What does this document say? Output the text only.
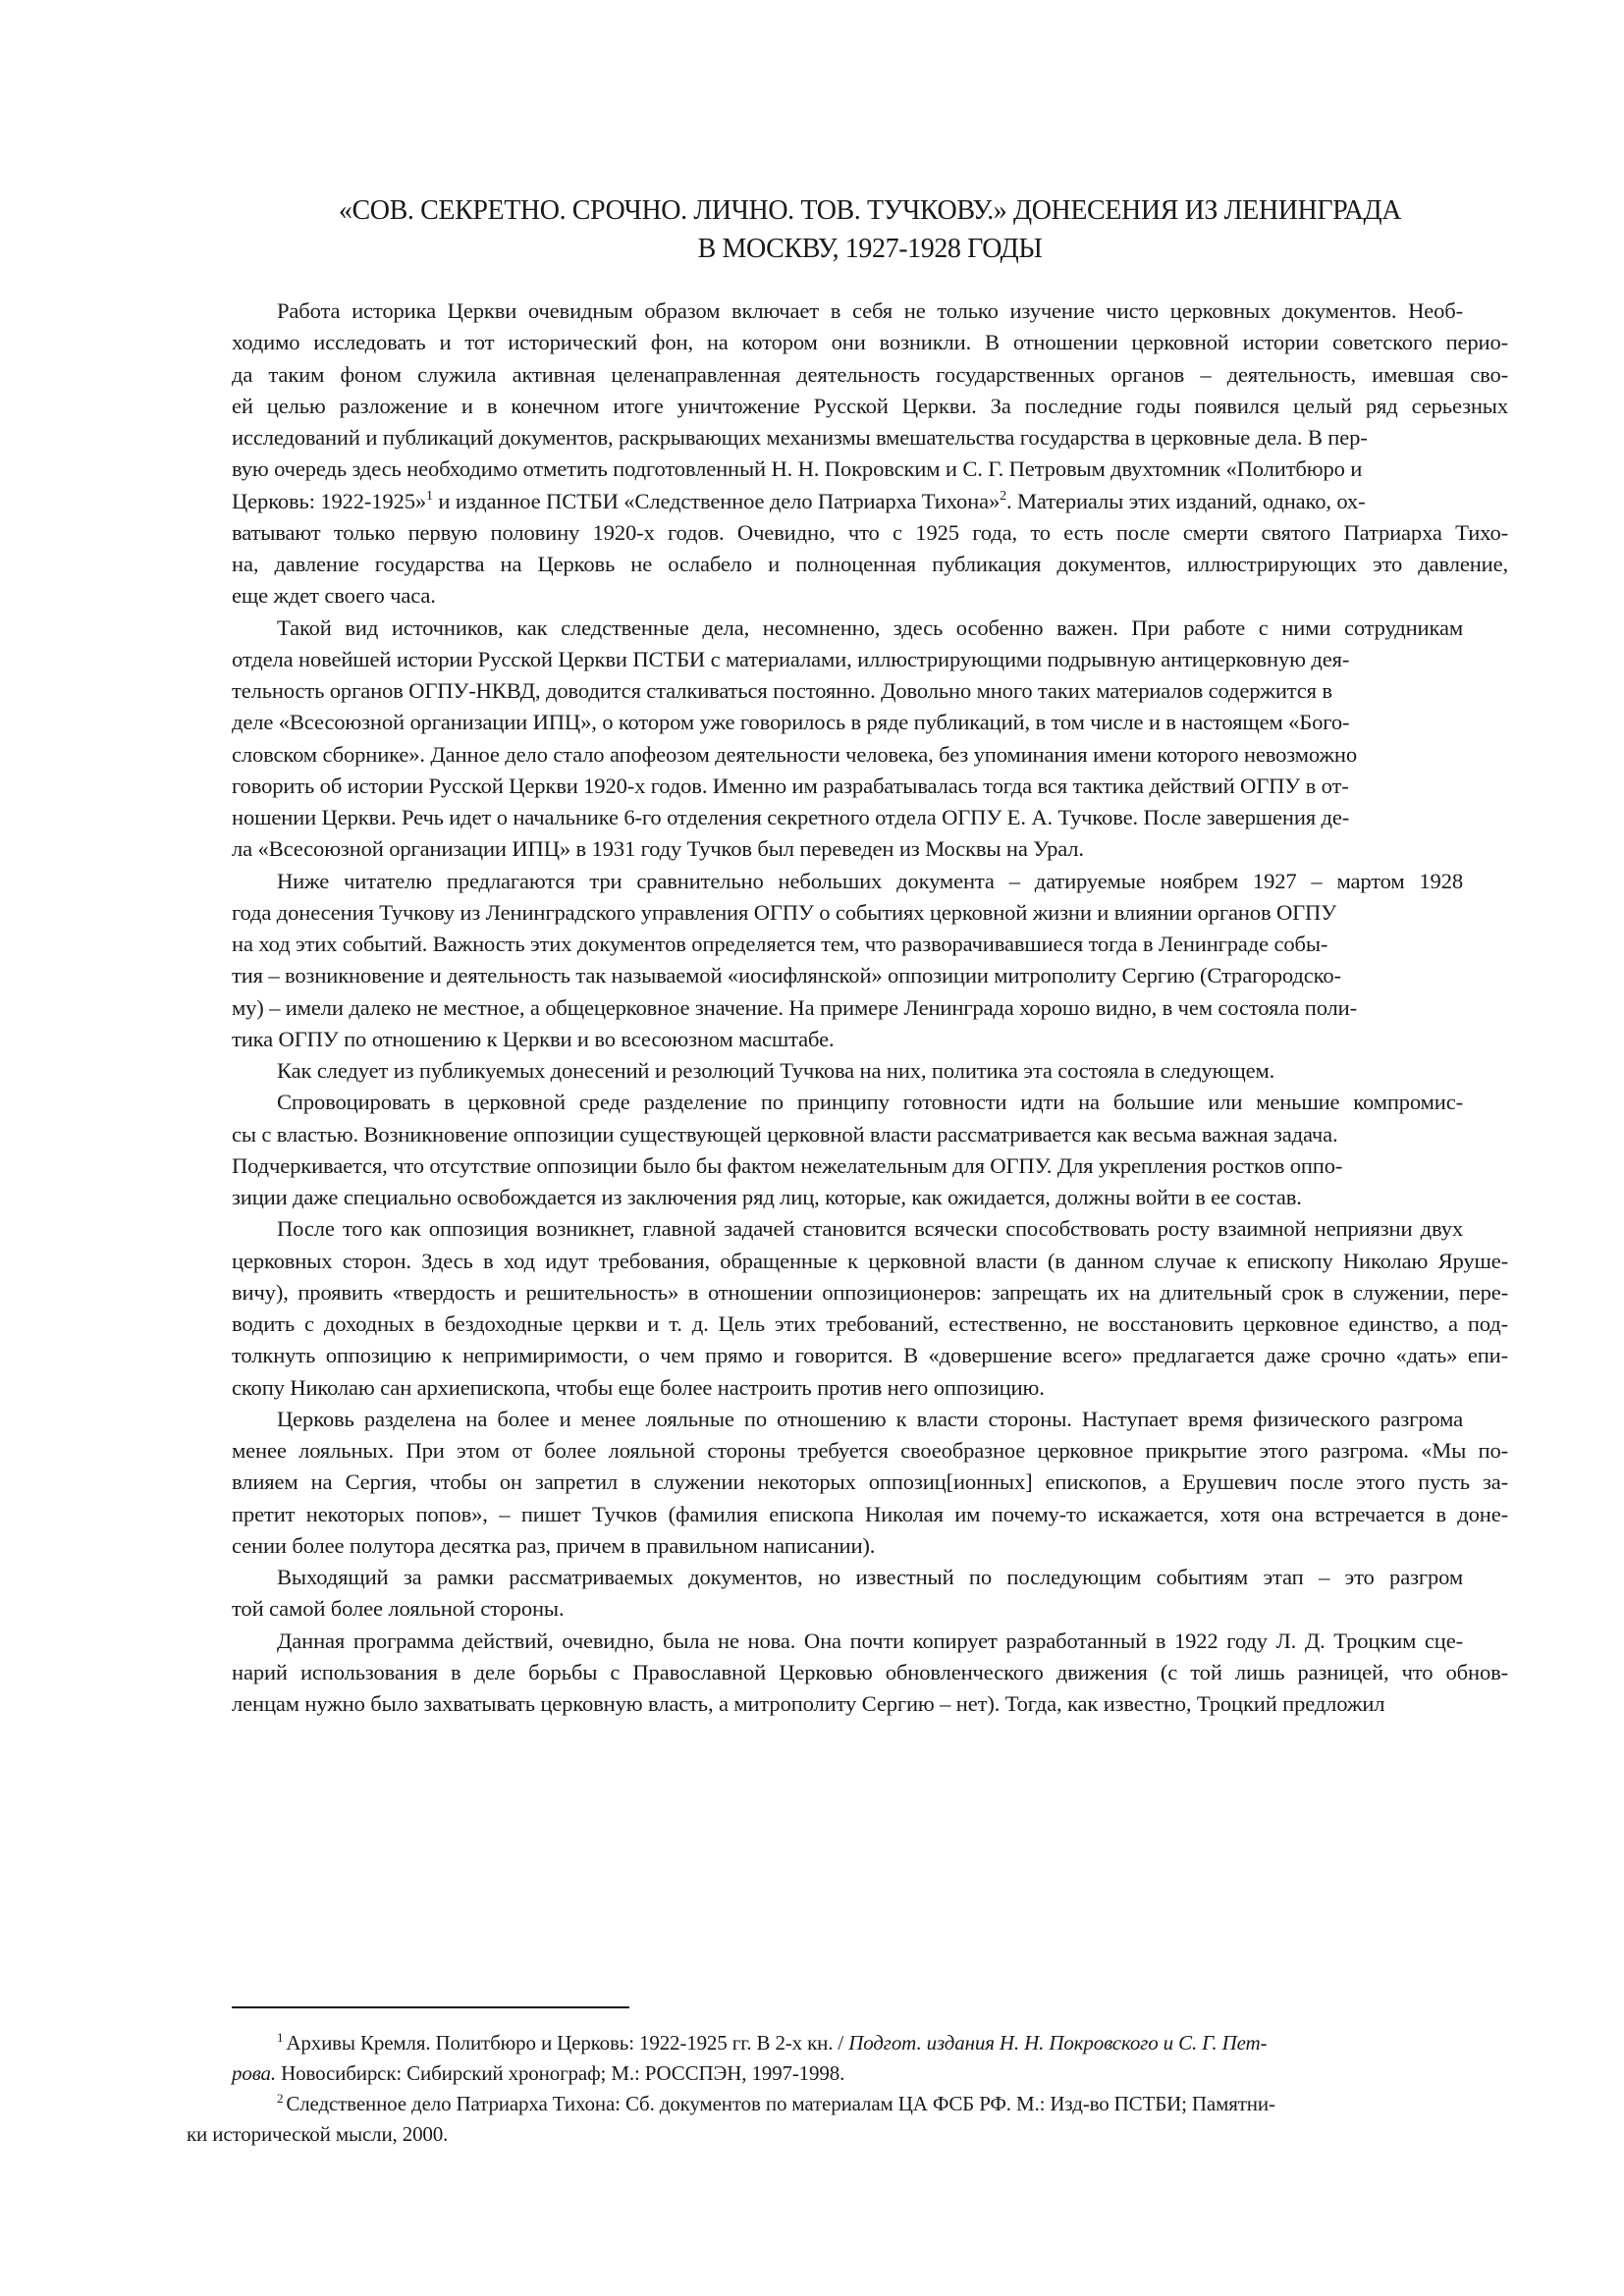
«СОВ. СЕКРЕТНО. СРОЧНО. ЛИЧНО. ТОВ. ТУЧКОВУ.» ДОНЕСЕНИЯ ИЗ ЛЕНИНГРАДА
В МОСКВУ, 1927-1928 ГОДЫ

Работа историка Церкви очевидным образом включает в себя не только изучение чисто церковных документов. Необ-
ходимо исследовать и тот исторический фон, на котором они возникли. В отношении церковной истории советского перио-
да таким фоном служила активная целенаправленная деятельность государственных органов – деятельность, имевшая сво-
ей целью разложение и в конечном итоге уничтожение Русской Церкви. За последние годы появился целый ряд серьезных
исследований и публикаций документов, раскрывающих механизмы вмешательства государства в церковные дела. В пер-
вую очередь здесь необходимо отметить подготовленный Н. Н. Покровским и С. Г. Петровым двухтомник «Политбюро и
Церковь: 1922-1925»$^1$ и изданное ПСТБИ «Следственное дело Патриарха Тихона»$^2$. Материалы этих изданий, однако, ох-
ватывают только первую половину 1920-х годов. Очевидно, что с 1925 года, то есть после смерти святого Патриарха Тихо-
на, давление государства на Церковь не ослабело и полноценная публикация документов, иллюстрирующих это давление,
еще ждет своего часа.

Такой вид источников, как следственные дела, несомненно, здесь особенно важен. При работе с ними сотрудникам
отдела новейшей истории Русской Церкви ПСТБИ с материалами, иллюстрирующими подрывную антицерковную дея-
тельность органов ОГПУ-НКВД, доводится сталкиваться постоянно. Довольно много таких материалов содержится в
деле «Всесоюзной организации ИПЦ», о котором уже говорилось в ряде публикаций, в том числе и в настоящем «Бого-
словском сборнике». Данное дело стало апофеозом деятельности человека, без упоминания имени которого невозможно
говорить об истории Русской Церкви 1920-х годов. Именно им разрабатывалась тогда вся тактика действий ОГПУ в от-
ношении Церкви. Речь идет о начальнике 6-го отделения секретного отдела ОГПУ Е. А. Тучкове. После завершения де-
ла «Всесоюзной организации ИПЦ» в 1931 году Тучков был переведен из Москвы на Урал.

Ниже читателю предлагаются три сравнительно небольших документа – датируемые ноябрем 1927 – мартом 1928
года донесения Тучкову из Ленинградского управления ОГПУ о событиях церковной жизни и влиянии органов ОГПУ
на ход этих событий. Важность этих документов определяется тем, что разворачивавшиеся тогда в Ленинграде собы-
тия – возникновение и деятельность так называемой «иосифлянской» оппозиции митрополиту Сергию (Страгородско-
му) – имели далеко не местное, а общецерковное значение. На примере Ленинграда хорошо видно, в чем состояла поли-
тика ОГПУ по отношению к Церкви и во всесоюзном масштабе.

Как следует из публикуемых донесений и резолюций Тучкова на них, политика эта состояла в следующем.

Спровоцировать в церковной среде разделение по принципу готовности идти на большие или меньшие компромис-
сы с властью. Возникновение оппозиции существующей церковной власти рассматривается как весьма важная задача.
Подчеркивается, что отсутствие оппозиции было бы фактом нежелательным для ОГПУ. Для укрепления ростков оппо-
зиции даже специально освобождается из заключения ряд лиц, которые, как ожидается, должны войти в ее состав.

После того как оппозиция возникнет, главной задачей становится всячески способствовать росту взаимной неприязни двух
церковных сторон. Здесь в ход идут требования, обращенные к церковной власти (в данном случае к епископу Николаю Ярушe-
вичу), проявить «твердость и решительность» в отношении оппозиционеров: запрещать их на длительный срок в служении, пере-
водить с доходных в бездоходные церкви и т. д. Цель этих требований, естественно, не восстановить церковное единство, а под-
толкнуть оппозицию к непримиримости, о чем прямо и говорится. В «довершение всего» предлагается даже срочно «дать» епи-
скопу Николаю сан архиепископа, чтобы еще более настроить против него оппозицию.

Церковь разделена на более и менее лояльные по отношению к власти стороны. Наступает время физического разгрома
менее лояльных. При этом от более лояльной стороны требуется своеобразное церковное прикрытие этого разгрома. «Мы по-
влияем на Сергия, чтобы он запретил в служении некоторых оппозиц[ионных] епископов, а Ерушевич после этого пусть за-
претит некоторых попов», – пишет Тучков (фамилия епископа Николая им почему-то искажается, хотя она встречается в доне-
сении более полутора десятка раз, причем в правильном написании).

Выходящий за рамки рассматриваемых документов, но известный по последующим событиям этап – это разгром
той самой более лояльной стороны.

Данная программа действий, очевидно, была не нова. Она почти копирует разработанный в 1922 году Л. Д. Троцким сце-
нарий использования в деле борьбы с Православной Церковью обновленческого движения (с той лишь разницей, что обнов-
ленцам нужно было захватывать церковную власть, а митрополиту Сергию – нет). Тогда, как известно, Троцкий предложил

$^1$ Архивы Кремля. Политбюро и Церковь: 1922-1925 гг. В 2-х кн. / Подгот. издания Н. Н. Покровского и С. Г. Пет-
рова. Новосибирск: Сибирский хронограф; М.: РОССПЭН, 1997-1998.

$^2$ Следственное дело Патриарха Тихона: Сб. документов по материалам ЦА ФСБ РФ. М.: Изд-во ПСТБИ; Памятни-
ки исторической мысли, 2000.
